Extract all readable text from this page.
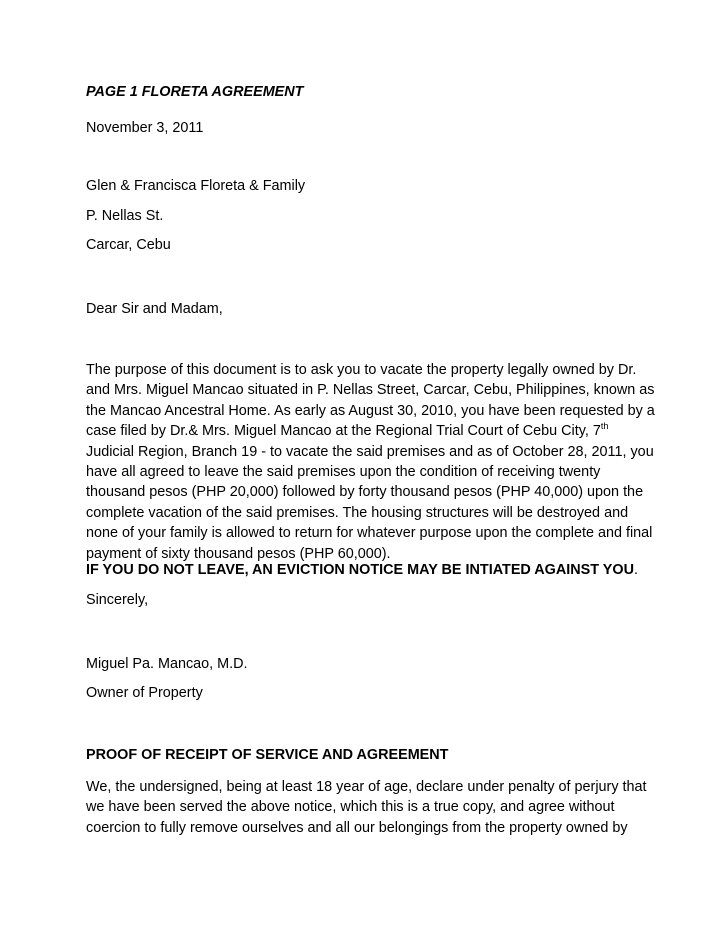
PAGE 1 FLORETA AGREEMENT
November 3, 2011
Glen & Francisca Floreta & Family
P. Nellas St.
Carcar, Cebu
Dear Sir and Madam,
The purpose of this document is to ask you to vacate the property legally owned by Dr. and Mrs. Miguel Mancao situated in P. Nellas Street, Carcar, Cebu, Philippines, known as the Mancao Ancestral Home. As early as August 30, 2010, you have been requested by a case filed by Dr.& Mrs. Miguel Mancao at the Regional Trial Court of Cebu City, 7th Judicial Region, Branch 19 - to vacate the said premises and as of October 28, 2011, you have all agreed to leave the said premises upon the condition of receiving twenty thousand pesos (PHP 20,000) followed by forty thousand pesos (PHP 40,000) upon the complete vacation of the said premises. The housing structures will be destroyed and none of your family is allowed to return for whatever purpose upon the complete and final payment of sixty thousand pesos (PHP 60,000).
IF YOU DO NOT LEAVE, AN EVICTION NOTICE MAY BE INTIATED AGAINST YOU.
Sincerely,
Miguel Pa. Mancao, M.D.
Owner of Property
PROOF OF RECEIPT OF SERVICE AND AGREEMENT
We, the undersigned, being at least 18 year of age, declare under penalty of perjury that we have been served the above notice, which this is a true copy, and agree without coercion to fully remove ourselves and all our belongings from the property owned by
